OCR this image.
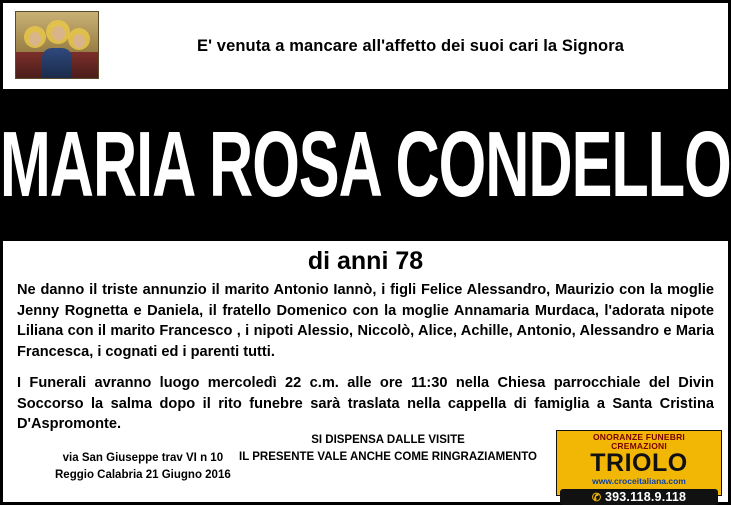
E' venuta a mancare all'affetto dei suoi cari la Signora
MARIA ROSA CONDELLO
di anni 78

Ne danno il triste annunzio il marito Antonio Iannò, i figli Felice Alessandro, Maurizio con la moglie Jenny Rognetta e Daniela, il fratello Domenico con la moglie Annamaria Murdaca, l'adorata nipote Liliana con il marito Francesco , i nipoti Alessio, Niccolò, Alice, Achille, Antonio, Alessandro e Maria Francesca, i cognati ed i parenti tutti.

I Funerali avranno luogo mercoledì 22 c.m. alle ore 11:30 nella Chiesa parrocchiale del Divin Soccorso la salma dopo il rito funebre sarà traslata nella cappella di famiglia a Santa Cristina D'Aspromonte.

SI DISPENSA DALLE VISITE
IL PRESENTE VALE ANCHE COME RINGRAZIAMENTO
via San Giuseppe trav VI n 10
Reggio Calabria 21 Giugno 2016
ONORANZE FUNEBRI
CREMAZIONI
TRIOLO
www.croceitaliana.com
✆ 393.118.9.118
